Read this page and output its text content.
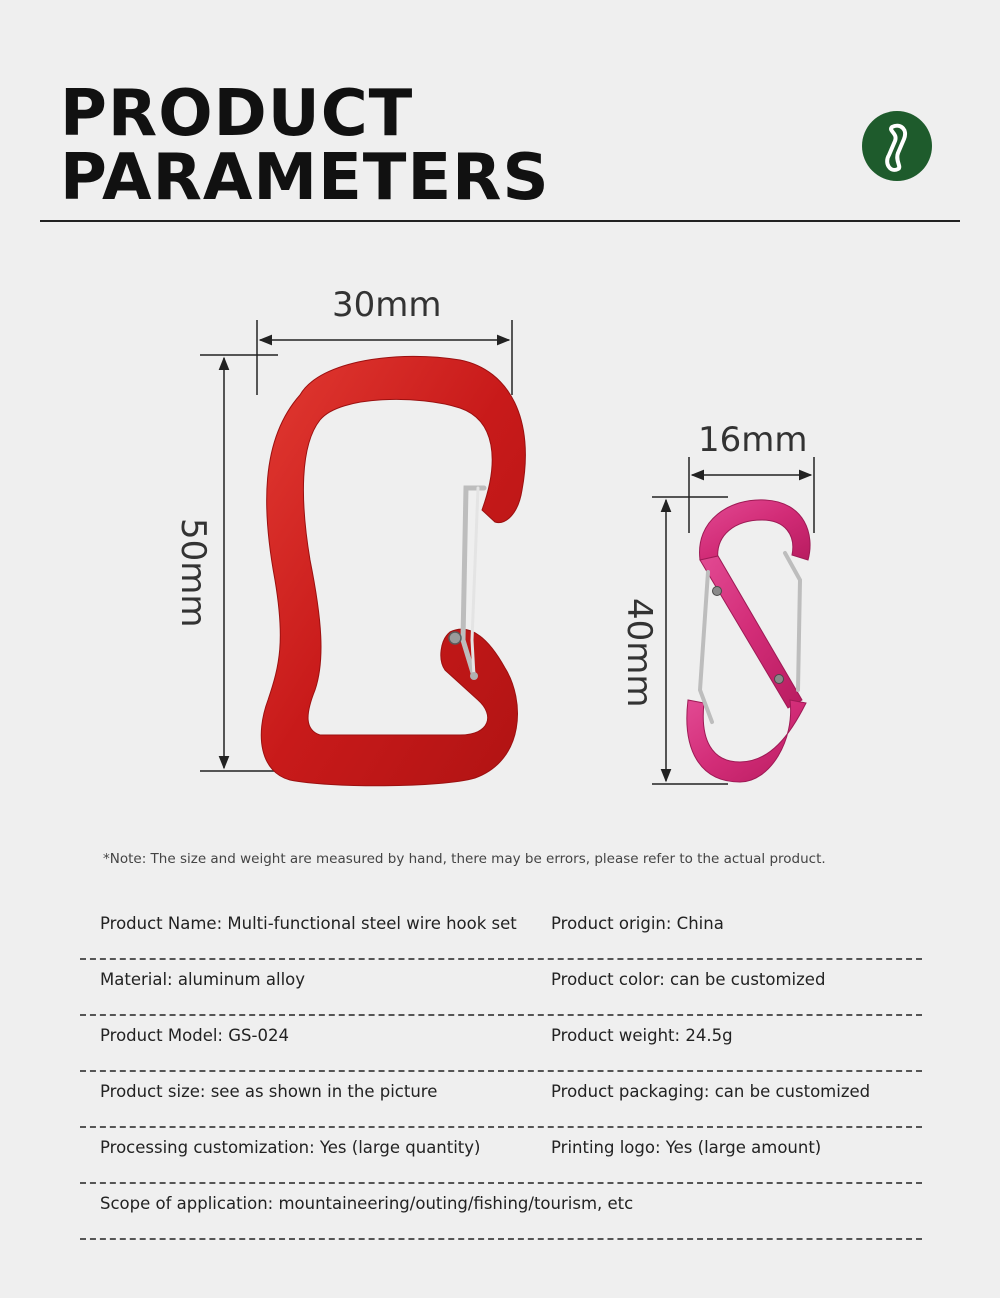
PRODUCT
PARAMETERS
30mm
50mm
16mm
40mm
*Note: The size and weight are measured by hand, there may be errors, please refer to the actual product.
Product Name: Multi-functional steel wire hook set Product origin: China
Material: aluminum alloy	Product color: can be customized
Product Model: GS-024	Product weight: 24.5g
Product size: see as shown in the picture	Product packaging: can be customized
Processing customization: Yes (large quantity)	Printing logo: Yes (large amount)
Scope of application: mountaineering/outing/fishing/tourism, etc
